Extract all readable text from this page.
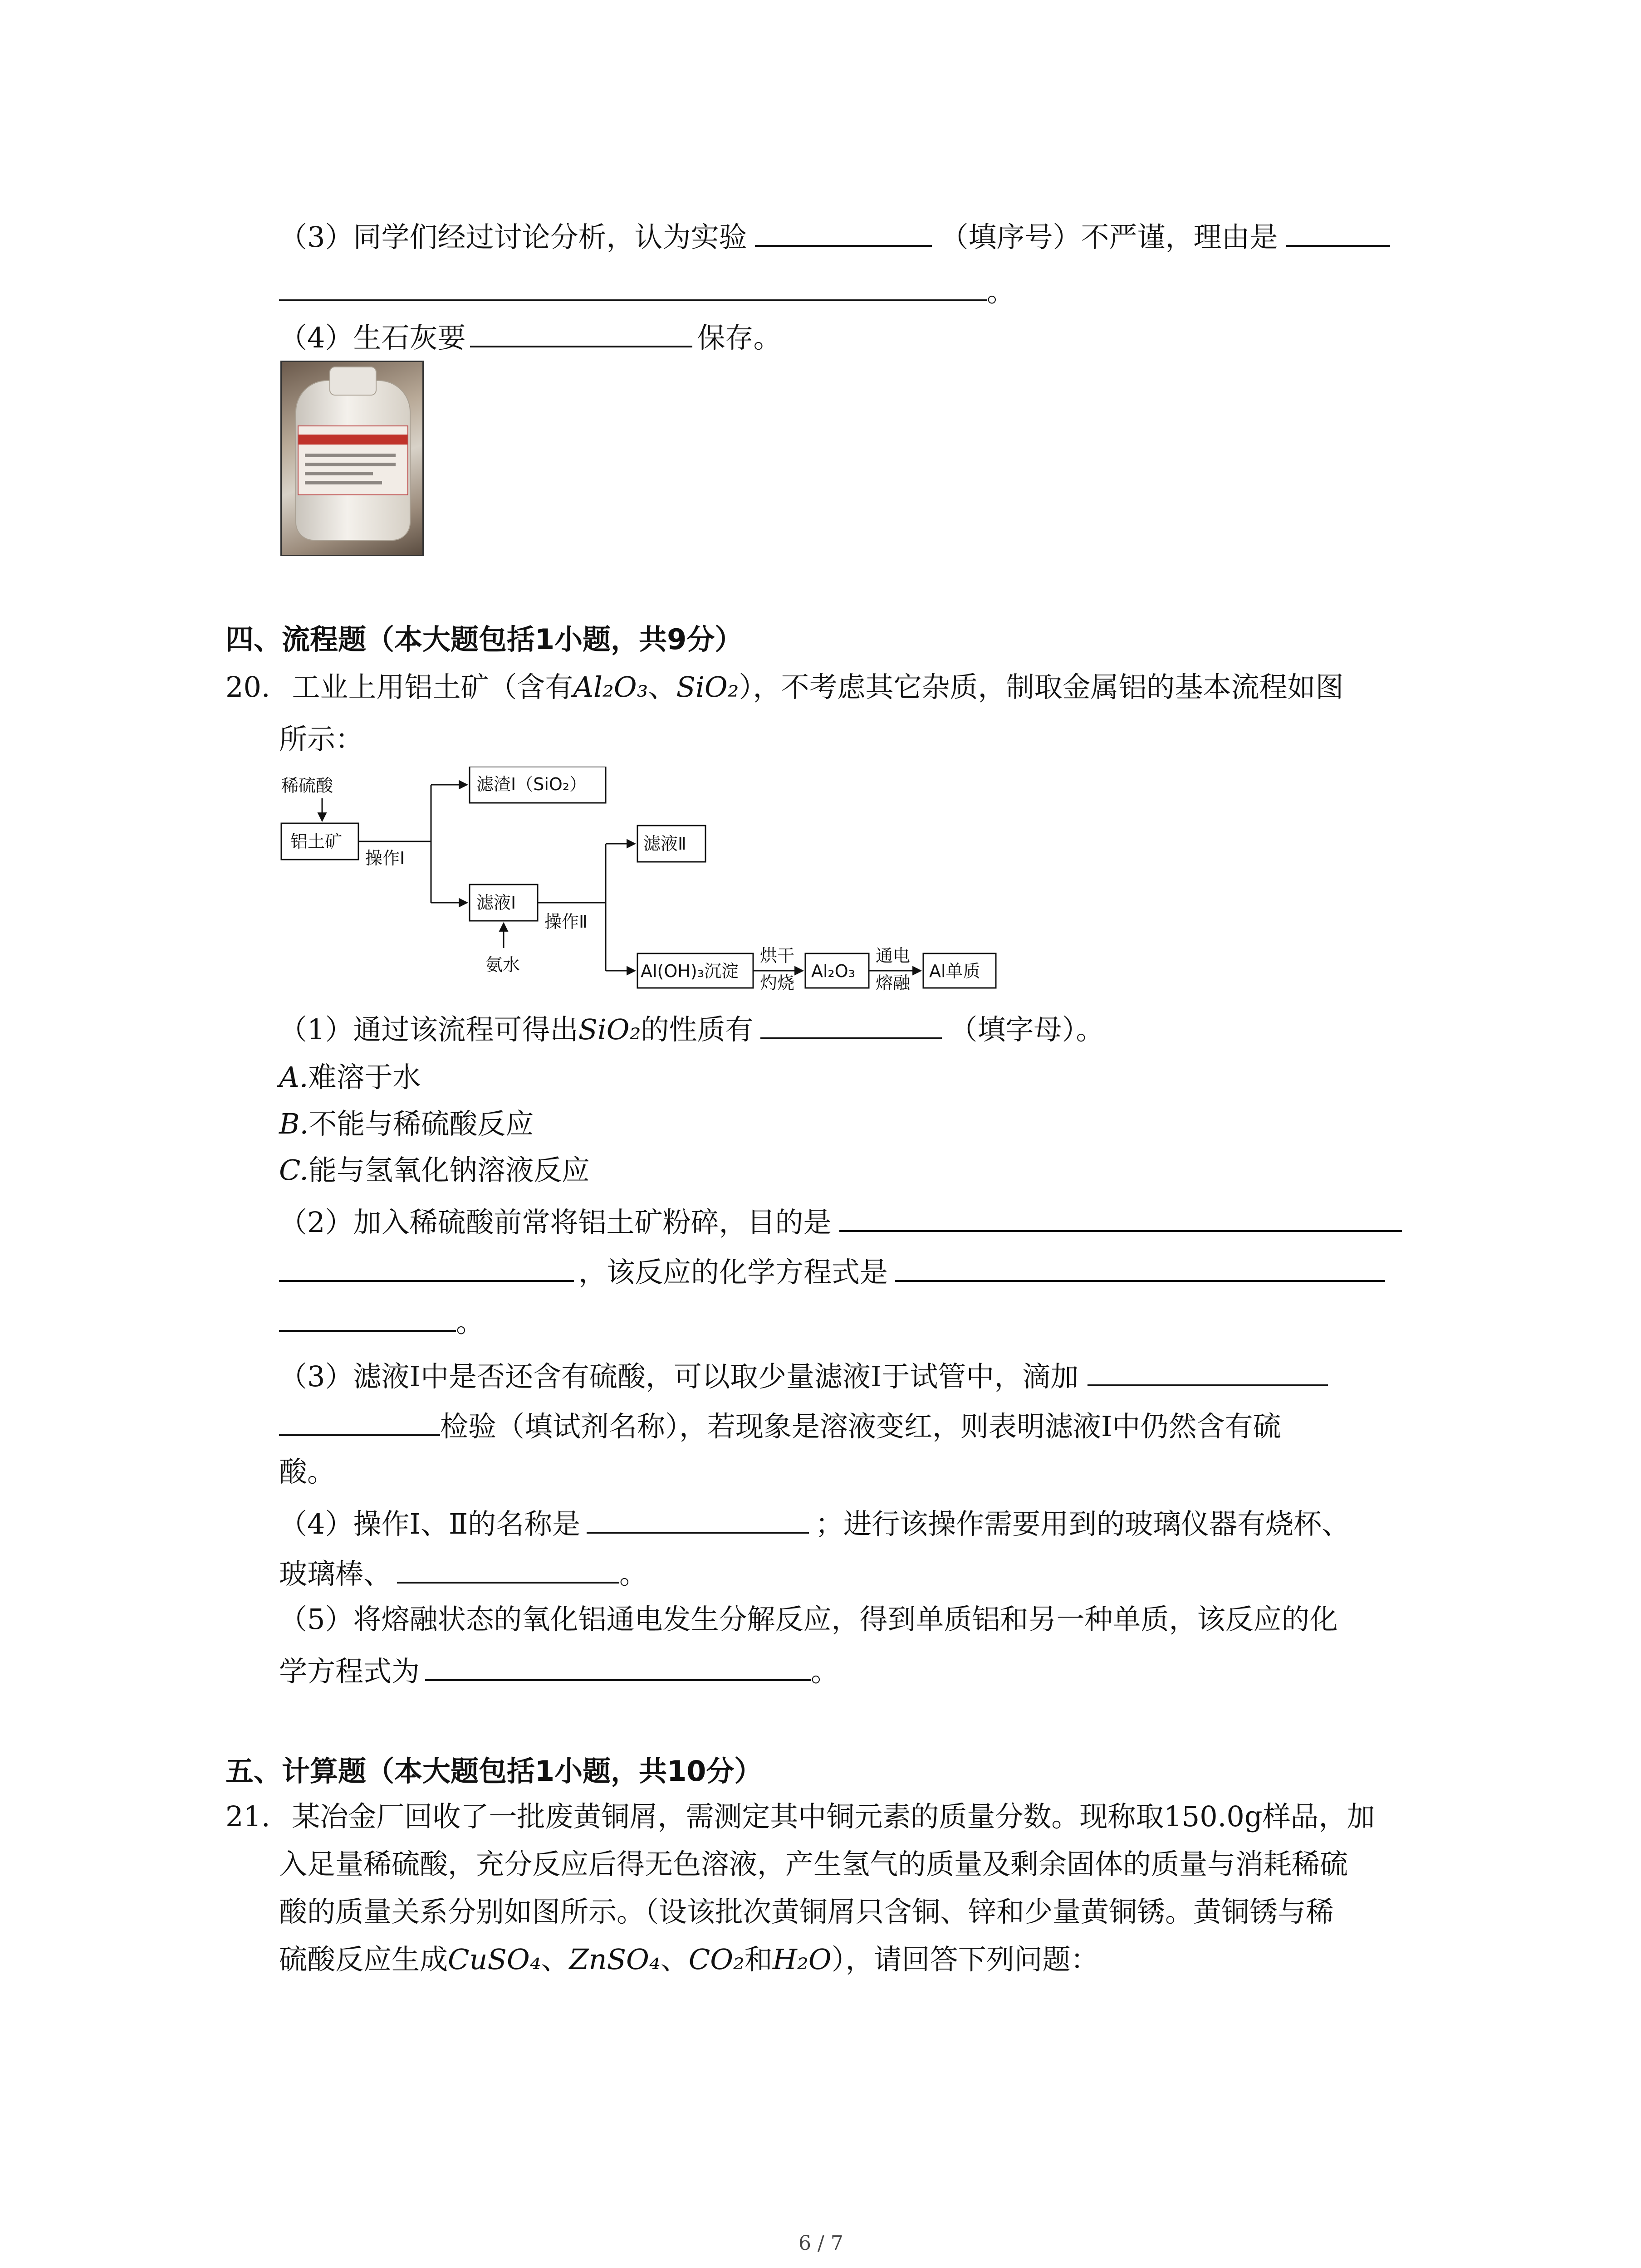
（3）同学们经过讨论分析，认为实验	（填序号）不严谨，理由是
。
（4）生石灰要	保存。
四、流程题（本大题包括1小题，共9分）
20. 工业上用铝土矿（含有Al₂O₃、SiO₂），不考虑其它杂质，制取金属铝的基本流程如图
所示：
稀硫酸
铝土矿
操作Ⅰ
滤渣Ⅰ（SiO₂）
滤液Ⅰ
氨水
操作Ⅱ
滤液Ⅱ
Al(OH)₃沉淀
烘干
灼烧
Al₂O₃
通电
熔融
Al单质
（1）通过该流程可得出SiO₂的性质有	（填字母）。
A.难溶于水
B.不能与稀硫酸反应
C.能与氢氧化钠溶液反应
（2）加入稀硫酸前常将铝土矿粉碎，目的是
，该反应的化学方程式是
。
（3）滤液Ⅰ中是否还含有硫酸，可以取少量滤液Ⅰ于试管中，滴加
检验（填试剂名称），若现象是溶液变红，则表明滤液Ⅰ中仍然含有硫
酸。
（4）操作Ⅰ、Ⅱ的名称是	；进行该操作需要用到的玻璃仪器有烧杯、
玻璃棒、	。
（5）将熔融状态的氧化铝通电发生分解反应，得到单质铝和另一种单质，该反应的化
学方程式为	。
五、计算题（本大题包括1小题，共10分）
21. 某冶金厂回收了一批废黄铜屑，需测定其中铜元素的质量分数。现称取150.0g样品，加
入足量稀硫酸，充分反应后得无色溶液，产生氢气的质量及剩余固体的质量与消耗稀硫
酸的质量关系分别如图所示。（设该批次黄铜屑只含铜、锌和少量黄铜锈。黄铜锈与稀
硫酸反应生成CuSO₄、ZnSO₄、CO₂和H₂O），请回答下列问题：
6 / 7
